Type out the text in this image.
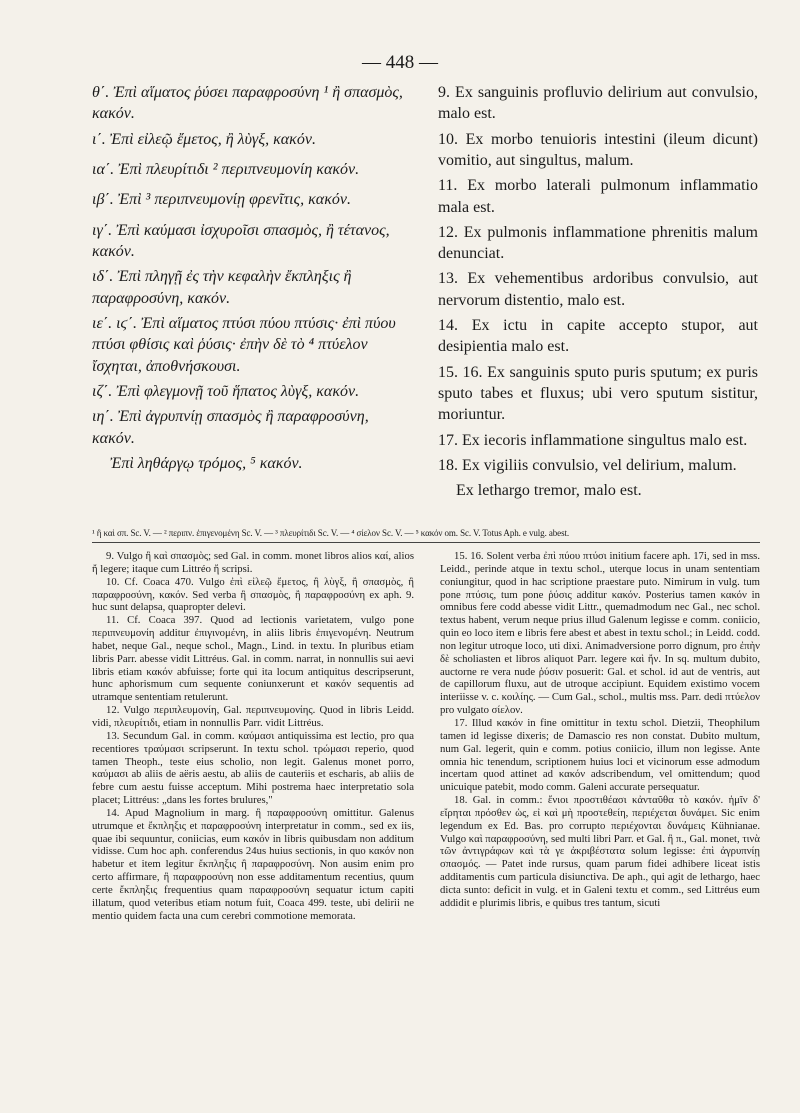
— 448 —

θ΄. Ἐπὶ αἵματος ῥύσει παραφροσύνη ¹ ἢ σπασμὸς, κακόν.

ι΄. Ἐπὶ εἰλεῷ ἔμετος, ἢ λὺγξ, κακόν.

ια΄. Ἐπὶ πλευρίτιδι ² περιπνευμονίη κακόν.

ιβ΄. Ἐπὶ ³ περιπνευμονίῃ φρενῖτις, κακόν.

ιγ΄. Ἐπὶ καύμασι ἰσχυροῖσι σπασμὸς, ἢ τέτανος, κακόν.

ιδ΄. Ἐπὶ πληγῇ ἐς τὴν κεφαλὴν ἔκπληξις ἢ παραφροσύνη, κακόν.

ιε΄. ιϛ΄. Ἐπὶ αἵματος πτύσι πύου πτύσις· ἐπὶ πύου πτύσι φθίσις καὶ ῥύσις· ἐπὴν δὲ τὸ ⁴ πτύελον ἴσχηται, ἀποθνήσκουσι.

ιζ΄. Ἐπὶ φλεγμονῇ τοῦ ἥπατος λὺγξ, κακόν.

ιη΄. Ἐπὶ ἀγρυπνίῃ σπασμὸς ἢ παραφροσύνη, κακόν.

Ἐπὶ ληθάργῳ τρόμος, ⁵ κακόν.

9. Ex sanguinis profluvio delirium aut convulsio, malo est.

10. Ex morbo tenuioris intestini (ileum dicunt) vomitio, aut singultus, malum.

11. Ex morbo laterali pulmonum inflammatio mala est.

12. Ex pulmonis inflammatione phrenitis malum denunciat.

13. Ex vehementibus ardoribus convulsio, aut nervorum distentio, malo est.

14. Ex ictu in capite accepto stupor, aut desipientia malo est.

15. 16. Ex sanguinis sputo puris sputum; ex puris sputo tabes et fluxus; ubi vero sputum sistitur, moriuntur.

17. Ex iecoris inflammatione singultus malo est.

18. Ex vigiliis convulsio, vel delirium, malum.

Ex lethargo tremor, malo est.

¹ ἢ καὶ σπ. Sc. V. — ² περιπν. ἐπιγενομένη Sc. V. — ³ πλευρίτιδι Sc. V. — ⁴ σίελον Sc. V. — ⁵ κακόν om. Sc. V. Totus Aph. e vulg. abest.

9. Vulgo ἢ καὶ σπασμὸς; sed Gal. in comm. monet libros alios καί, alios ἤ legere; itaque cum Littréo ἤ scripsi.

10. Cf. Coaca 470. Vulgo ἐπὶ εἰλεῷ ἔμετος, ἢ λὺγξ, ἢ σπασμὸς, ἢ παραφροσύνη, κακόν. Sed verba ἢ σπασμὸς, ἢ παραφροσύνη ex aph. 9. huc sunt delapsa, quapropter delevi.

11. Cf. Coaca 397. Quod ad lectionis varietatem, vulgo pone περιπνευμονίη additur ἐπιγινομένη, in aliis libris ἐπιγενομένη. Neutrum habet, neque Gal., neque schol., Magn., Lind. in textu. In pluribus etiam libris Parr. abesse vidit Littréus. Gal. in comm. narrat, in nonnullis sui aevi libris etiam κακόν abfuisse; forte qui ita locum antiquitus descripserunt, hunc aphorismum cum sequente coniunxerunt et κακόν sequentis ad utramque sententiam retulerunt.

12. Vulgo περιπλευμονίη, Gal. περιπνευμονίης. Quod in libris Leidd. vidi, πλευρίτιδι, etiam in nonnullis Parr. vidit Littréus.

13. Secundum Gal. in comm. καύμασι antiquissima est lectio, pro qua recentiores τραύμασι scripserunt. In textu schol. τρώμασι reperio, quod tamen Theoph., teste eius scholio, non legit. Galenus monet porro, καύμασι ab aliis de aëris aestu, ab aliis de cauteriis et escharis, ab aliis de febre cum aestu fuisse acceptum. Mihi postrema haec interpretatio sola placet; Littréus: „dans les fortes brulures,"

14. Apud Magnolium in marg. ἢ παραφροσύνη omittitur. Galenus utrumque et ἔκπληξις et παραφροσύνη interpretatur in comm., sed ex iis, quae ibi sequuntur, coniicias, eum κακόν in libris quibusdam non additum vidisse. Cum hoc aph. conferendus 24us huius sectionis, in quo κακόν non habetur et item legitur ἔκπληξις ἢ παραφροσύνη. Non ausim enim pro certo affirmare, ἢ παραφροσύνη non esse additamentum recentius, quum certe ἔκπληξις frequentius quam παραφροσύνη sequatur ictum capiti illatum, quod veteribus etiam notum fuit, Coaca 499. teste, ubi delirii ne mentio quidem facta una cum cerebri commotione memorata.

15. 16. Solent verba ἐπὶ πύου πτύσι initium facere aph. 17i, sed in mss. Leidd., perinde atque in textu schol., uterque locus in unam sententiam coniungitur, quod in hac scriptione praestare puto. Nimirum in vulg. tum pone πτύσις, tum pone ῥύσις additur κακόν. Posterius tamen κακόν in omnibus fere codd abesse vidit Littr., quemadmodum nec Gal., nec schol. textus habent, verum neque prius illud Galenum legisse e comm. coniicio, quin eo loco item e libris fere abest et abest in textu schol.; in Leidd. codd. non legitur utroque loco, uti dixi. Animadversione porro dignum, pro ἐπὴν δὲ scholiasten et libros aliquot Parr. legere καὶ ἤν. In sq. multum dubito, auctorne re vera nude ῥύσιν posuerit: Gal. et schol. id aut de ventris, aut de capillorum fluxu, aut de utroque accipiunt. Equidem existimo vocem interiisse v. c. κοιλίης. — Cum Gal., schol., multis mss. Parr. dedi πτύελον pro vulgato σίελον.

17. Illud κακόν in fine omittitur in textu schol. Dietzii, Theophilum tamen id legisse dixeris; de Damascio res non constat. Dubito multum, num Gal. legerit, quin e comm. potius coniicio, illum non legisse. Ante omnia hic tenendum, scriptionem huius loci et vicinorum esse admodum incertam quod attinet ad κακόν adscribendum, vel omittendum; quod unicuique patebit, modo comm. Galeni accurate persequatur.

18. Gal. in comm.: ἔνιοι προστιθέασι κἀνταῦθα τὸ κακόν. ἡμῖν δ' εἴρηται πρόσθεν ὡς, εἰ καὶ μὴ προστεθείη, περιέχεται δυνάμει. Sic enim legendum ex Ed. Bas. pro corrupto περιέχονται δυνάμεις Kühnianae. Vulgo καὶ παραφροσύνη, sed multi libri Parr. et Gal. ἢ π., Gal. monet, τινὰ τῶν ἀντιγράφων καὶ τὰ γε ἀκριβέστατα solum legisse: ἐπὶ ἀγρυπνίῃ σπασμός. — Patet inde rursus, quam parum fidei adhibere liceat istis additamentis cum particula disiunctiva. De aph., qui agit de lethargo, haec dicta sunto: deficit in vulg. et in Galeni textu et comm., sed Littréus eum addidit e plurimis libris, e quibus tres tantum, sicuti
